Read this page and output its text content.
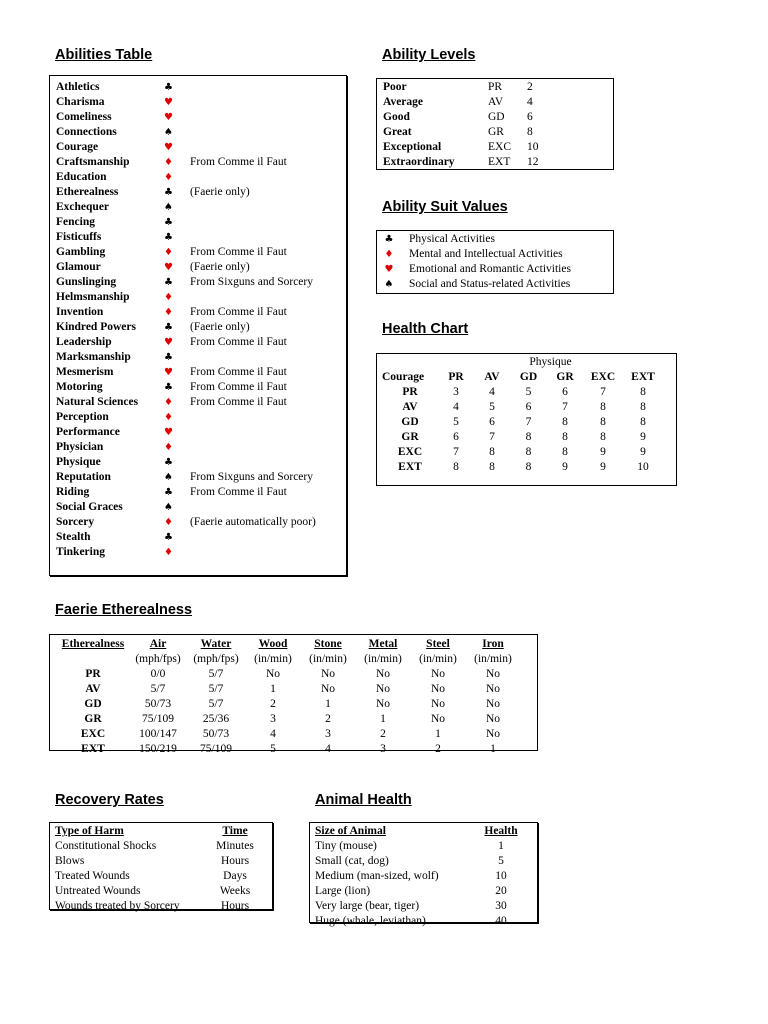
Abilities Table	Ability Levels
Ability Suit Values
Health Chart
Faerie Etherealness
Recovery Rates	Animal Health
Athletics	♣	
Charisma	♥	
Comeliness	♥	
Connections	♠	
Courage	♥	
Craftsmanship	♦	From Comme il Faut
Education	♦	
Etherealness	♣	(Faerie only)
Exchequer	♠	
Fencing	♣	
Fisticuffs	♣	
Gambling	♦	From Comme il Faut
Glamour	♥	(Faerie only)
Gunslinging	♣	From Sixguns and Sorcery
Helmsmanship	♦	
Invention	♦	From Comme il Faut
Kindred Powers	♣	(Faerie only)
Leadership	♥	From Comme il Faut
Marksmanship	♣	
Mesmerism	♥	From Comme il Faut
Motoring	♣	From Comme il Faut
Natural Sciences	♦	From Comme il Faut
Perception	♦	
Performance	♥	
Physician	♦	
Physique	♣	
Reputation	♠	From Sixguns and Sorcery
Riding	♣	From Comme il Faut
Social Graces	♠	
Sorcery	♦	(Faerie automatically poor)
Stealth	♣	
Tinkering	♦	
Poor	PR	2
Average	AV	4
Good	GD	6
Great	GR	8
Exceptional	EXC	10
Extraordinary	EXT	12
♣	Physical Activities
♦	Mental and Intellectual Activities
♥	Emotional and Romantic Activities
♠	Social and Status-related Activities
	Physique					
Courage	PR	AV	GD	GR	EXC	EXT
PR	3	4	5	6	7	8
AV	4	5	6	7	8	8
GD	5	6	7	8	8	8
GR	6	7	8	8	8	9
EXC	7	8	8	8	9	9
EXT	8	8	8	9	9	10
Etherealness	Air	Water	Wood	Stone	Metal	Steel	Iron
	(mph/fps)	(mph/fps)	(in/min)	(in/min)	(in/min)	(in/min)	(in/min)
PR	0/0	5/7	No	No	No	No	No
AV	5/7	5/7	1	No	No	No	No
GD	50/73	5/7	2	1	No	No	No
GR	75/109	25/36	3	2	1	No	No
EXC	100/147	50/73	4	3	2	1	No
EXT	150/219	75/109	5	4	3	2	1
Type of Harm	Time
Constitutional Shocks	Minutes
Blows	Hours
Treated Wounds	Days
Untreated Wounds	Weeks
Wounds treated by Sorcery	Hours
Size of Animal	Health
Tiny (mouse)	1
Small (cat, dog)	5
Medium (man-sized, wolf)	10
Large (lion)	20
Very large (bear, tiger)	30
Huge (whale, leviathan)	40
